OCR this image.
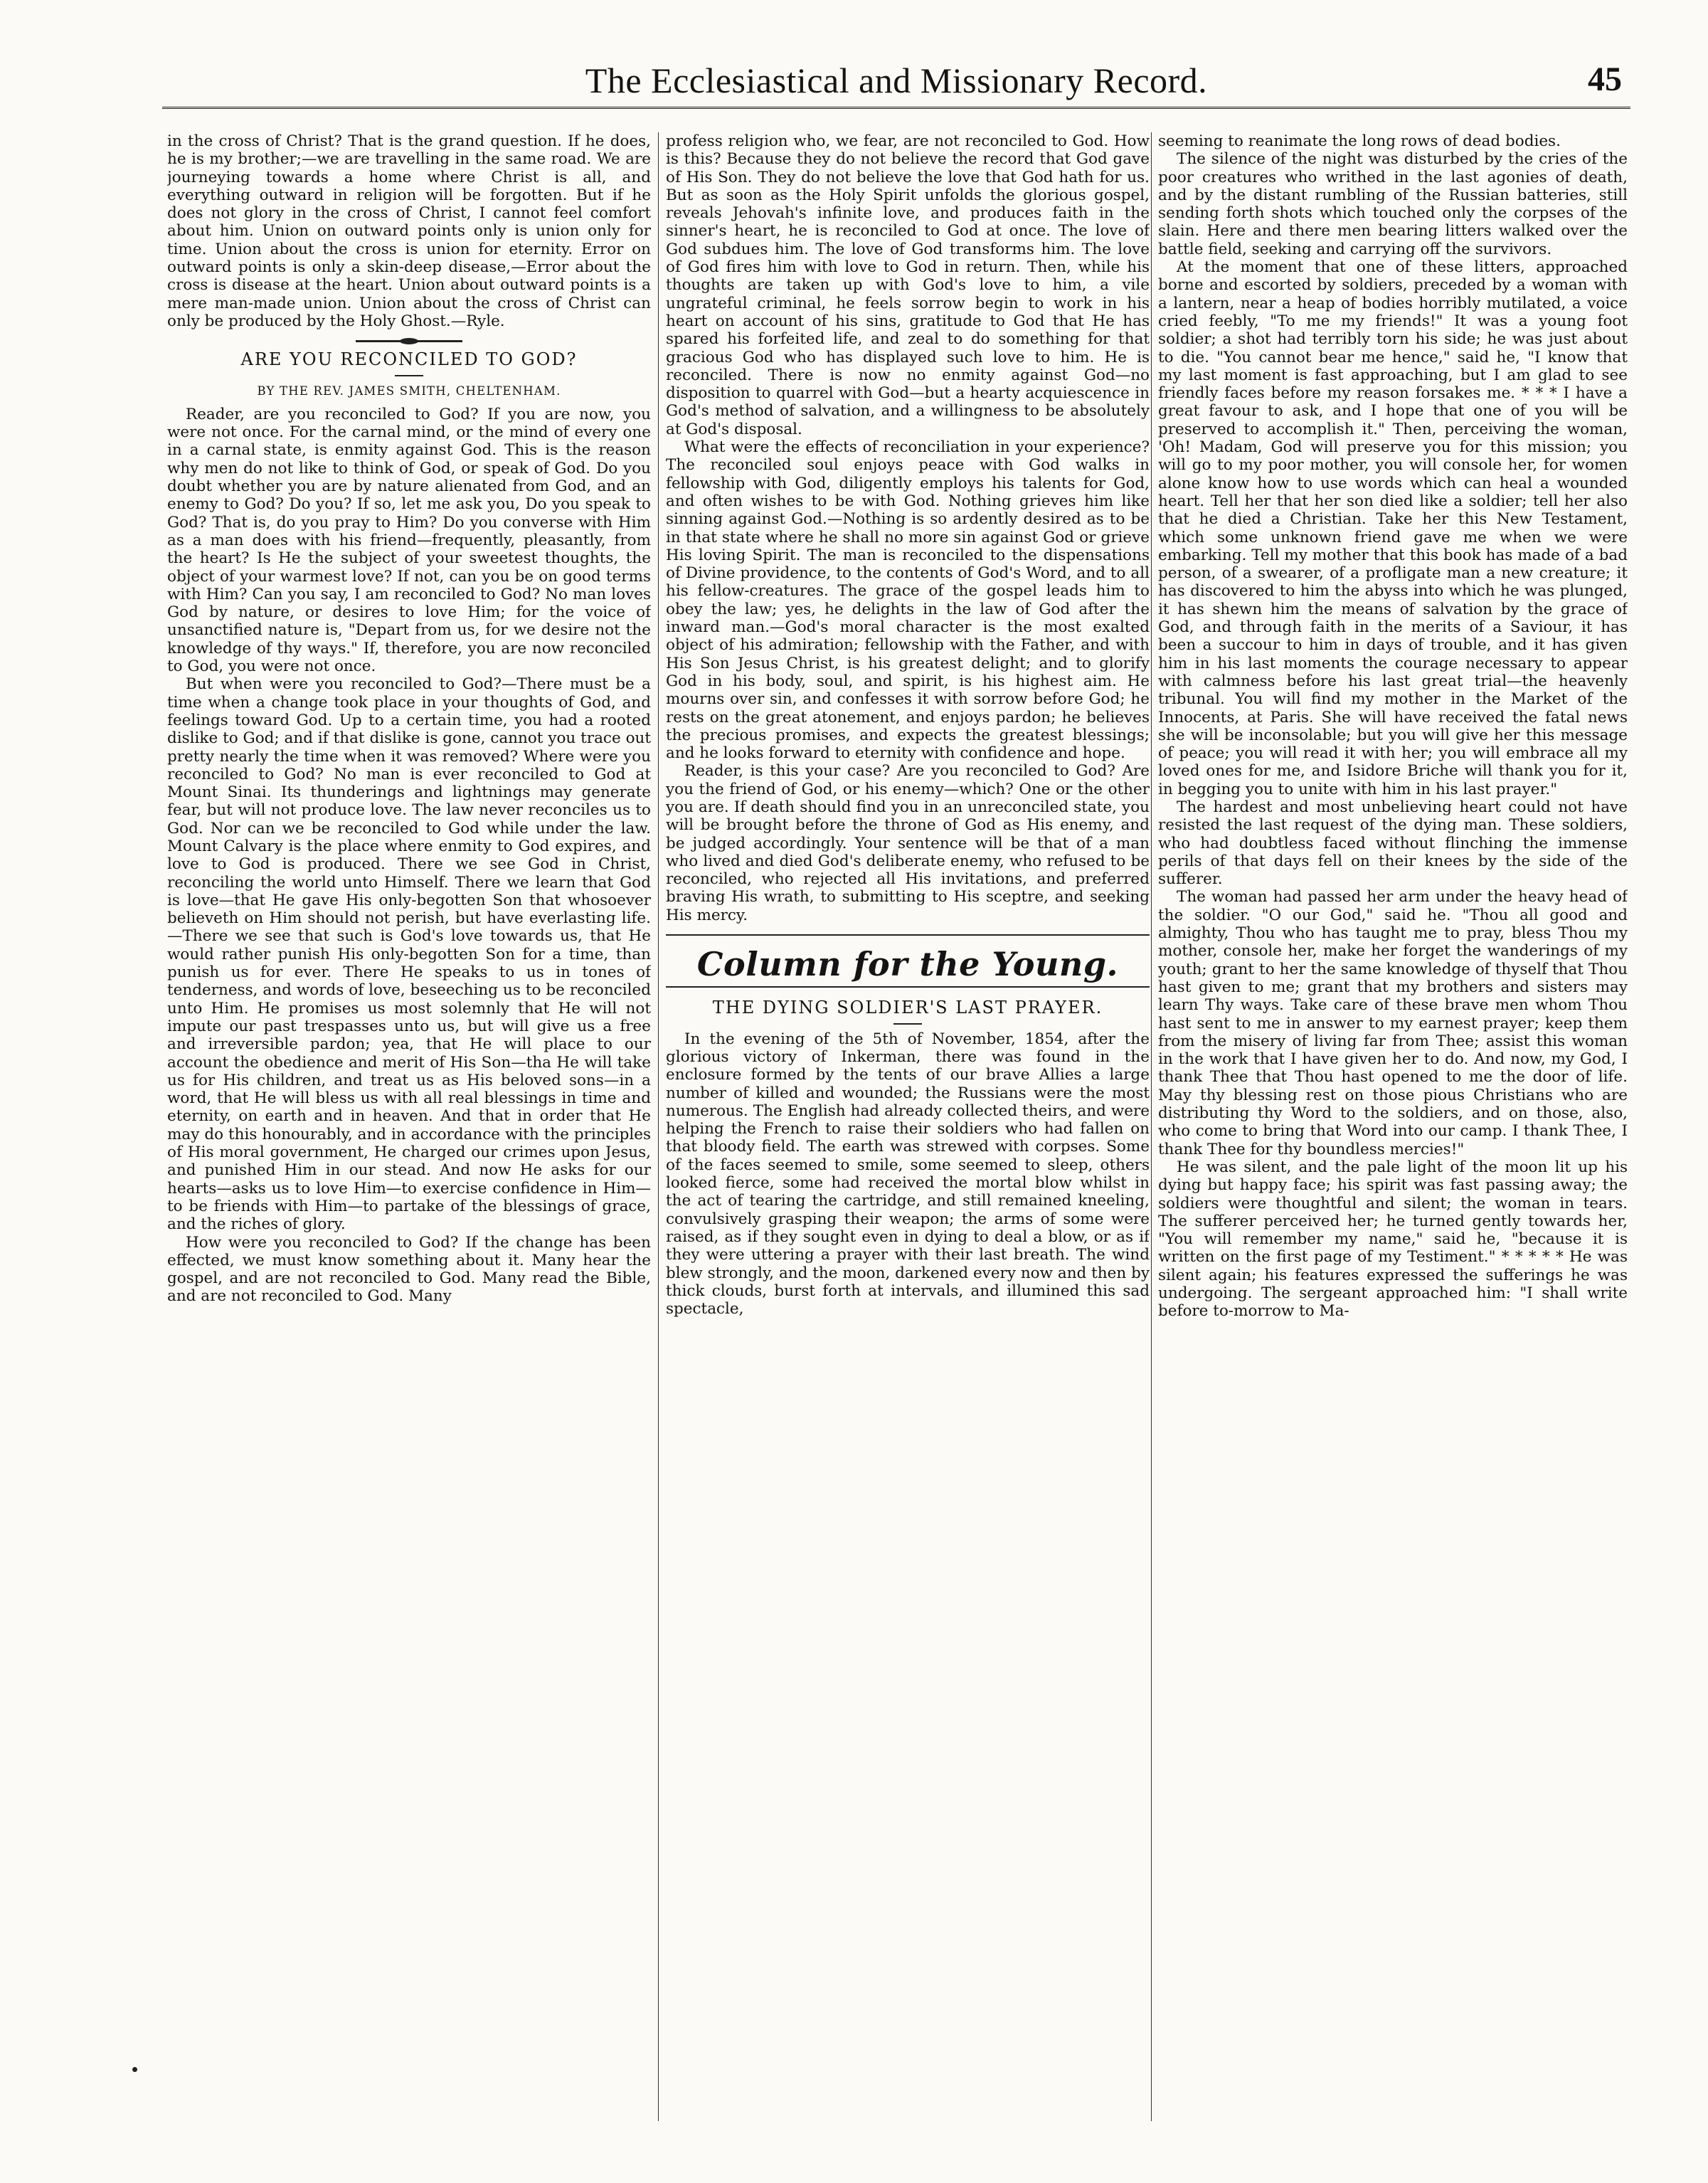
The Ecclesiastical and Missionary Record.	45

in the cross of Christ? That is the grand question. If he does, he is my brother;—we are travelling in the same road. We are journeying towards a home where Christ is all, and everything outward in religion will be forgotten. But if he does not glory in the cross of Christ, I cannot feel comfort about him. Union on outward points only is union only for time. Union about the cross is union for eternity. Error on outward points is only a skin-deep disease,—Error about the cross is disease at the heart. Union about outward points is a mere man-made union. Union about the cross of Christ can only be produced by the Holy Ghost.—Ryle.

ARE YOU RECONCILED TO GOD?
BY THE REV. JAMES SMITH, CHELTENHAM.

Reader, are you reconciled to God? If you are now, you were not once. For the carnal mind, or the mind of every one in a carnal state, is enmity against God. This is the reason why men do not like to think of God, or speak of God. Do you doubt whether you are by nature alienated from God, and an enemy to God? Do you? If so, let me ask you, Do you speak to God? That is, do you pray to Him? Do you converse with Him as a man does with his friend—frequently, pleasantly, from the heart? Is He the subject of your sweetest thoughts, the object of your warmest love? If not, can you be on good terms with Him? Can you say, I am reconciled to God? No man loves God by nature, or desires to love Him; for the voice of unsanctified nature is, "Depart from us, for we desire not the knowledge of thy ways." If, therefore, you are now reconciled to God, you were not once.

But when were you reconciled to God?—There must be a time when a change took place in your thoughts of God, and feelings toward God. Up to a certain time, you had a rooted dislike to God; and if that dislike is gone, cannot you trace out pretty nearly the time when it was removed? Where were you reconciled to God? No man is ever reconciled to God at Mount Sinai. Its thunderings and lightnings may generate fear, but will not produce love. The law never reconciles us to God. Nor can we be reconciled to God while under the law. Mount Calvary is the place where enmity to God expires, and love to God is produced. There we see God in Christ, reconciling the world unto Himself. There we learn that God is love—that He gave His only-begotten Son that whosoever believeth on Him should not perish, but have everlasting life.—There we see that such is God's love towards us, that He would rather punish His only-begotten Son for a time, than punish us for ever. There He speaks to us in tones of tenderness, and words of love, beseeching us to be reconciled unto Him. He promises us most solemnly that He will not impute our past trespasses unto us, but will give us a free and irreversible pardon; yea, that He will place to our account the obedience and merit of His Son—tha He will take us for His children, and treat us as His beloved sons—in a word, that He will bless us with all real blessings in time and eternity, on earth and in heaven. And that in order that He may do this honourably, and in accordance with the principles of His moral government, He charged our crimes upon Jesus, and punished Him in our stead. And now He asks for our hearts—asks us to love Him—to exercise confidence in Him—to be friends with Him—to partake of the blessings of grace, and the riches of glory.

How were you reconciled to God? If the change has been effected, we must know something about it. Many hear the gospel, and are not reconciled to God. Many read the Bible, and are not reconciled to God. Many

profess religion who, we fear, are not reconciled to God. How is this? Because they do not believe the record that God gave of His Son. They do not believe the love that God hath for us. But as soon as the Holy Spirit unfolds the glorious gospel, reveals Jehovah's infinite love, and produces faith in the sinner's heart, he is reconciled to God at once. The love of God subdues him. The love of God transforms him. The love of God fires him with love to God in return. Then, while his thoughts are taken up with God's love to him, a vile ungrateful criminal, he feels sorrow begin to work in his heart on account of his sins, gratitude to God that He has spared his forfeited life, and zeal to do something for that gracious God who has displayed such love to him. He is reconciled. There is now no enmity against God—no disposition to quarrel with God—but a hearty acquiescence in God's method of salvation, and a willingness to be absolutely at God's disposal.

What were the effects of reconciliation in your experience? The reconciled soul enjoys peace with God walks in fellowship with God, diligently employs his talents for God, and often wishes to be with God. Nothing grieves him like sinning against God.—Nothing is so ardently desired as to be in that state where he shall no more sin against God or grieve His loving Spirit. The man is reconciled to the dispensations of Divine providence, to the contents of God's Word, and to all his fellow-creatures. The grace of the gospel leads him to obey the law; yes, he delights in the law of God after the inward man.—God's moral character is the most exalted object of his admiration; fellowship with the Father, and with His Son Jesus Christ, is his greatest delight; and to glorify God in his body, soul, and spirit, is his highest aim. He mourns over sin, and confesses it with sorrow before God; he rests on the great atonement, and enjoys pardon; he believes the precious promises, and expects the greatest blessings; and he looks forward to eternity with confidence and hope.

Reader, is this your case? Are you reconciled to God? Are you the friend of God, or his enemy—which? One or the other you are. If death should find you in an unreconciled state, you will be brought before the throne of God as His enemy, and be judged accordingly. Your sentence will be that of a man who lived and died God's deliberate enemy, who refused to be reconciled, who rejected all His invitations, and preferred braving His wrath, to submitting to His sceptre, and seeking His mercy.

Column for the Young.
THE DYING SOLDIER'S LAST PRAYER.

In the evening of the 5th of November, 1854, after the glorious victory of Inkerman, there was found in the enclosure formed by the tents of our brave Allies a large number of killed and wounded; the Russians were the most numerous. The English had already collected theirs, and were helping the French to raise their soldiers who had fallen on that bloody field. The earth was strewed with corpses. Some of the faces seemed to smile, some seemed to sleep, others looked fierce, some had received the mortal blow whilst in the act of tearing the cartridge, and still remained kneeling, convulsively grasping their weapon; the arms of some were raised, as if they sought even in dying to deal a blow, or as if they were uttering a prayer with their last breath. The wind blew strongly, and the moon, darkened every now and then by thick clouds, burst forth at intervals, and illumined this sad spectacle,

seeming to reanimate the long rows of dead bodies.

The silence of the night was disturbed by the cries of the poor creatures who writhed in the last agonies of death, and by the distant rumbling of the Russian batteries, still sending forth shots which touched only the corpses of the slain. Here and there men bearing litters walked over the battle field, seeking and carrying off the survivors.

At the moment that one of these litters, approached borne and escorted by soldiers, preceded by a woman with a lantern, near a heap of bodies horribly mutilated, a voice cried feebly, "To me my friends!" It was a young foot soldier; a shot had terribly torn his side; he was just about to die. "You cannot bear me hence," said he, "I know that my last moment is fast approaching, but I am glad to see friendly faces before my reason forsakes me. * * * I have a great favour to ask, and I hope that one of you will be preserved to accomplish it." Then, perceiving the woman, 'Oh! Madam, God will preserve you for this mission; you will go to my poor mother, you will console her, for women alone know how to use words which can heal a wounded heart. Tell her that her son died like a soldier; tell her also that he died a Christian. Take her this New Testament, which some unknown friend gave me when we were embarking. Tell my mother that this book has made of a bad person, of a swearer, of a profligate man a new creature; it has discovered to him the abyss into which he was plunged, it has shewn him the means of salvation by the grace of God, and through faith in the merits of a Saviour, it has been a succour to him in days of trouble, and it has given him in his last moments the courage necessary to appear with calmness before his last great trial—the heavenly tribunal. You will find my mother in the Market of the Innocents, at Paris. She will have received the fatal news she will be inconsolable; but you will give her this message of peace; you will read it with her; you will embrace all my loved ones for me, and Isidore Briche will thank you for it, in begging you to unite with him in his last prayer."

The hardest and most unbelieving heart could not have resisted the last request of the dying man. These soldiers, who had doubtless faced without flinching the immense perils of that days fell on their knees by the side of the sufferer.

The woman had passed her arm under the heavy head of the soldier. "O our God," said he. "Thou all good and almighty, Thou who has taught me to pray, bless Thou my mother, console her, make her forget the wanderings of my youth; grant to her the same knowledge of thyself that Thou hast given to me; grant that my brothers and sisters may learn Thy ways. Take care of these brave men whom Thou hast sent to me in answer to my earnest prayer; keep them from the misery of living far from Thee; assist this woman in the work that I have given her to do. And now, my God, I thank Thee that Thou hast opened to me the door of life. May thy blessing rest on those pious Christians who are distributing thy Word to the soldiers, and on those, also, who come to bring that Word into our camp. I thank Thee, I thank Thee for thy boundless mercies!"

He was silent, and the pale light of the moon lit up his dying but happy face; his spirit was fast passing away; the soldiers were thoughtful and silent; the woman in tears. The sufferer perceived her; he turned gently towards her, "You will remember my name," said he, "because it is written on the first page of my Testiment." * * * * * He was silent again; his features expressed the sufferings he was undergoing. The sergeant approached him: "I shall write before to-morrow to Ma-
